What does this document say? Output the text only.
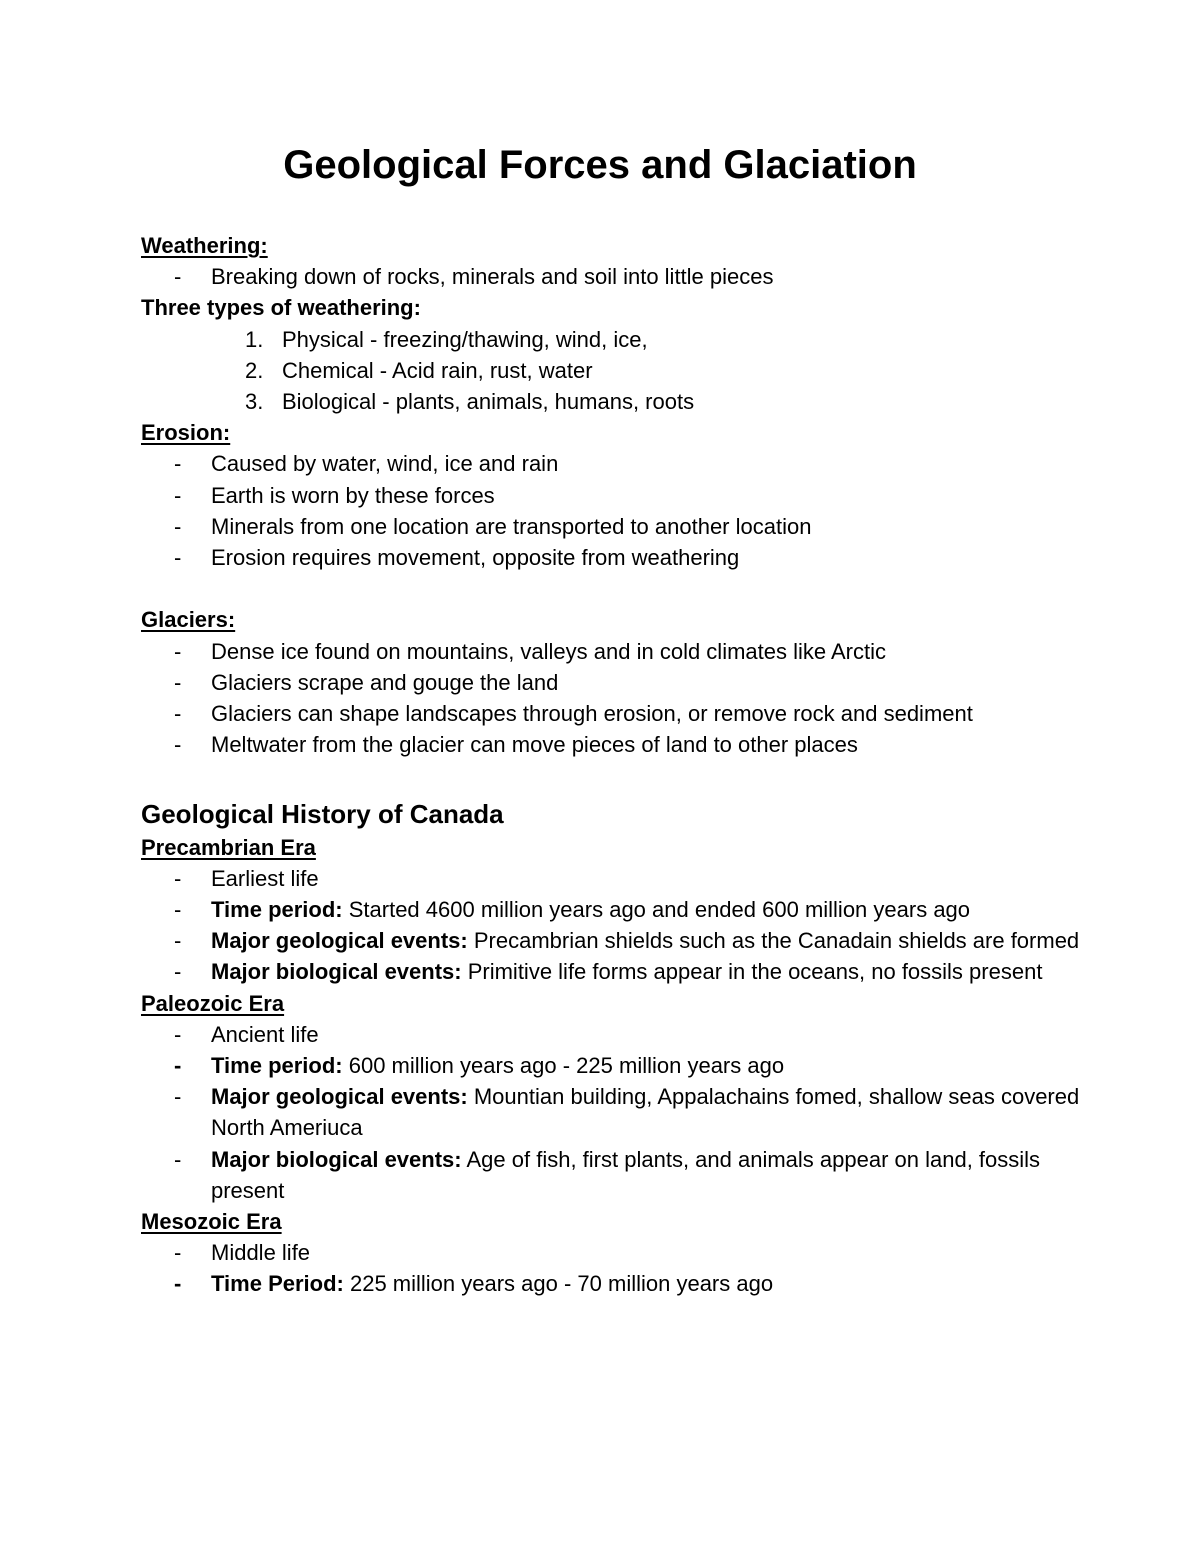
Geological Forces and Glaciation
Weathering:
- Breaking down of rocks, minerals and soil into little pieces
Three types of weathering:
1. Physical - freezing/thawing, wind, ice,
2. Chemical - Acid rain, rust, water
3. Biological - plants, animals, humans, roots
Erosion:
- Caused by water, wind, ice and rain
- Earth is worn by these forces
- Minerals from one location are transported to another location
- Erosion requires movement, opposite from weathering
Glaciers:
- Dense ice found on mountains, valleys and in cold climates like Arctic
- Glaciers scrape and gouge the land
- Glaciers can shape landscapes through erosion, or remove rock and sediment
- Meltwater from the glacier can move pieces of land to other places
Geological History of Canada
Precambrian Era
- Earliest life
- Time period: Started 4600 million years ago and ended 600 million years ago
- Major geological events: Precambrian shields such as the Canadain shields are formed
- Major biological events: Primitive life forms appear in the oceans, no fossils present
Paleozoic Era
- Ancient life
- Time period: 600 million years ago - 225 million years ago
- Major geological events: Mountian building, Appalachains fomed, shallow seas covered North Ameriuca
- Major biological events: Age of fish, first plants, and animals appear on land, fossils present
Mesozoic Era
- Middle life
- Time Period: 225 million years ago - 70 million years ago
